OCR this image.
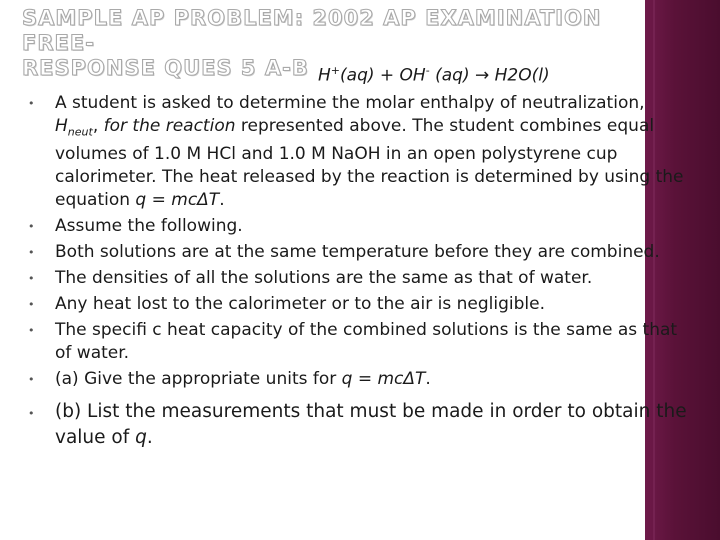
SAMPLE AP PROBLEM: 2002 AP EXAMINATION FREE-
RESPONSE QUES 5 A-B H+(aq) + OH- (aq) → H2O(l)
• A student is asked to determine the molar enthalpy of neutralization, $H_{neut}$, for the reaction represented above. The student combines equal volumes of 1.0 M HCl and 1.0 M NaOH in an open polystyrene cup calorimeter. The heat released by the reaction is determined by using the equation q = mcΔT.
• Assume the following.
• Both solutions are at the same temperature before they are combined.
• The densities of all the solutions are the same as that of water.
• Any heat lost to the calorimeter or to the air is negligible.
• The specifi c heat capacity of the combined solutions is the same as that of water.
• (a) Give the appropriate units for q = mcΔT.
• (b) List the measurements that must be made in order to obtain the value of q.
